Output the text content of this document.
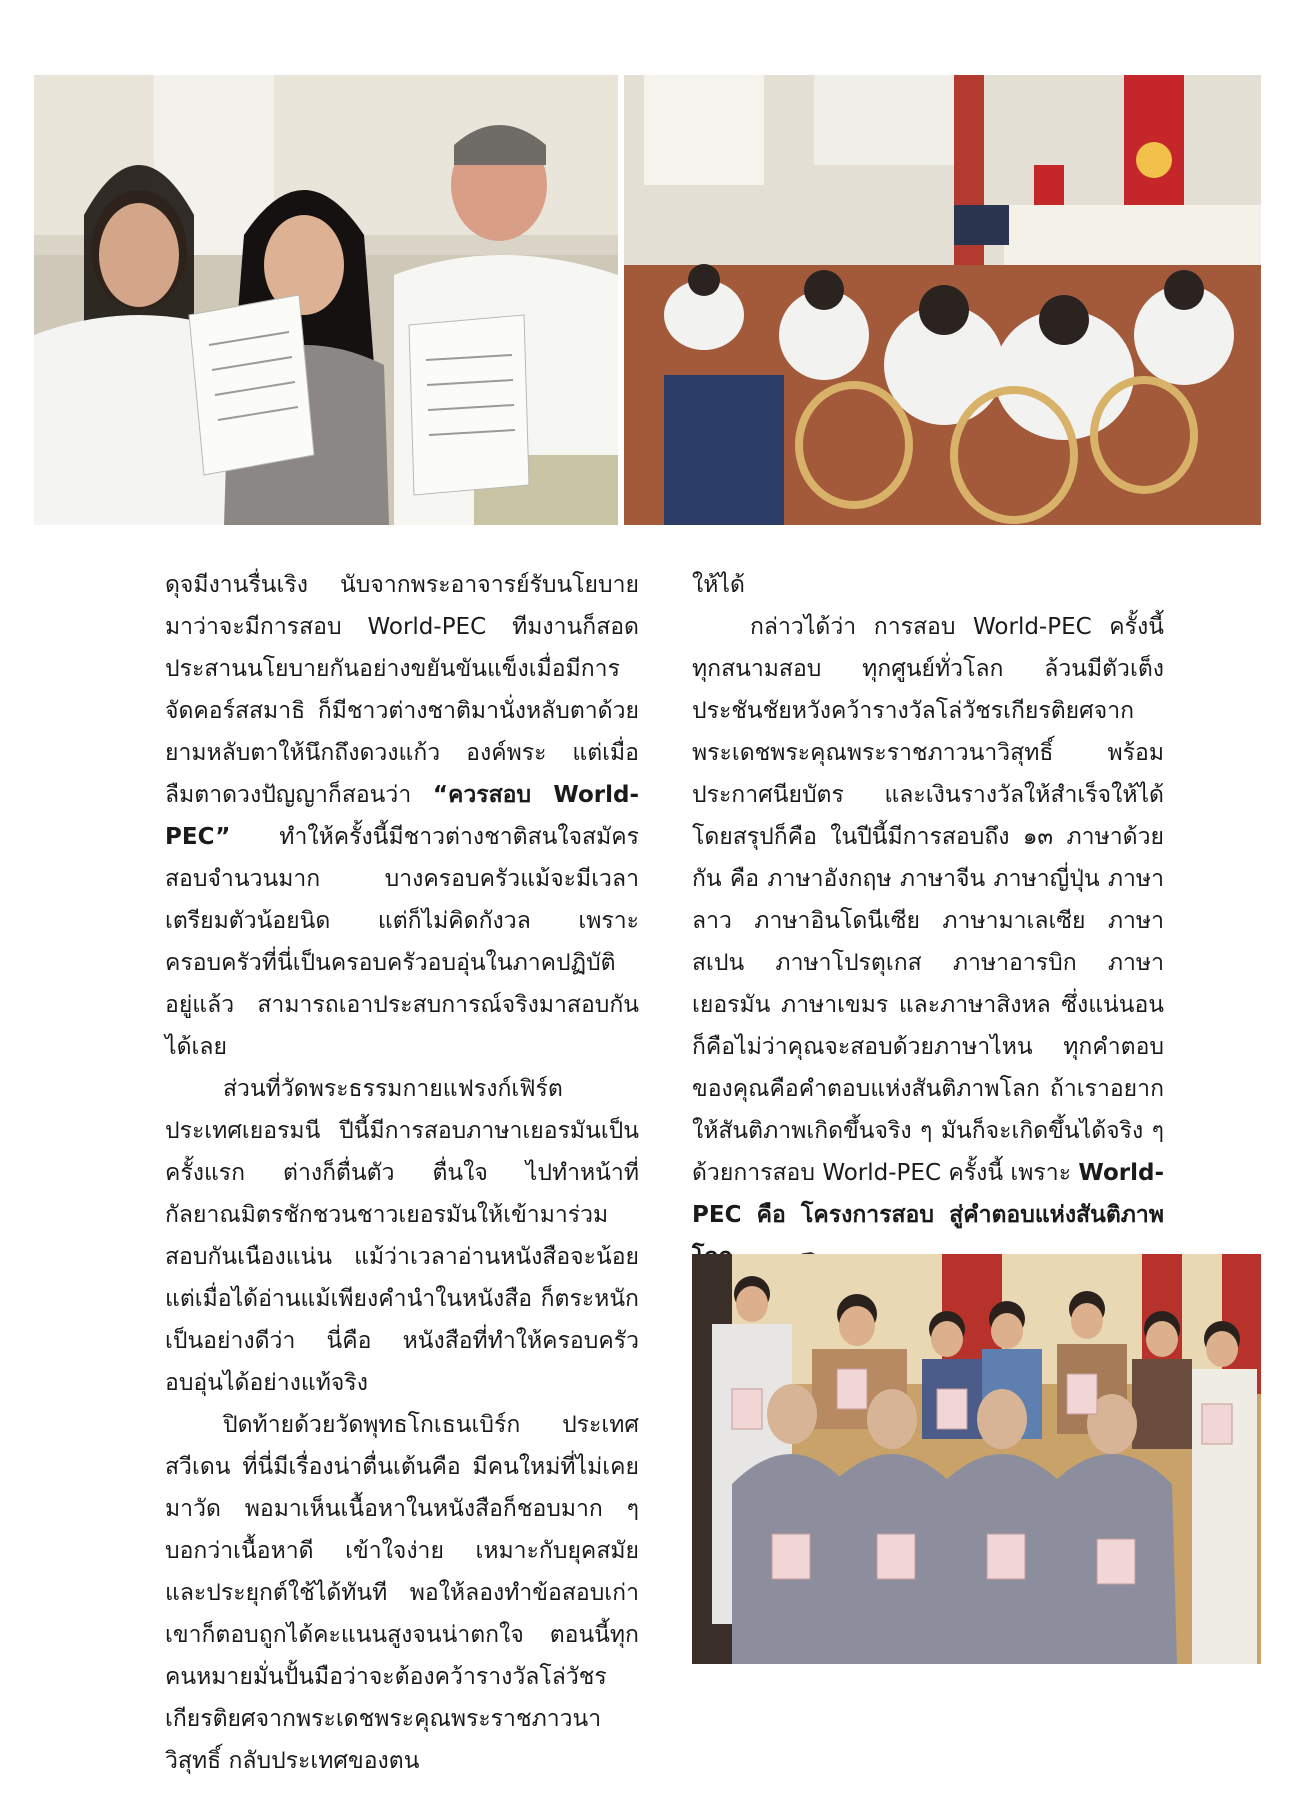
ดุจมีงานรื่นเริง นับจากพระอาจารย์รับนโยบายมาว่าจะมีการสอบ World-PEC ทีมงานก็สอดประสานนโยบายกันอย่างขยันขันแข็งเมื่อมีการจัดคอร์สสมาธิ ก็มีชาวต่างชาติมานั่งหลับตาด้วย ยามหลับตาให้นึกถึงดวงแก้ว องค์พระ แต่เมื่อลืมตาดวงปัญญาก็สอนว่า “ควรสอบ World-PEC” ทำให้ครั้งนี้มีชาวต่างชาติสนใจสมัครสอบจำนวนมาก บางครอบครัวแม้จะมีเวลาเตรียมตัวน้อยนิด แต่ก็ไม่คิดกังวล เพราะครอบครัวที่นี่เป็นครอบครัวอบอุ่นในภาคปฏิบัติอยู่แล้ว สามารถเอาประสบการณ์จริงมาสอบกันได้เลย

ส่วนที่วัดพระธรรมกายแฟรงก์เฟิร์ต ประเทศเยอรมนี ปีนี้มีการสอบภาษาเยอรมันเป็นครั้งแรก ต่างก็ตื่นตัว ตื่นใจ ไปทำหน้าที่กัลยาณมิตรชักชวนชาวเยอรมันให้เข้ามาร่วมสอบกันเนืองแน่น แม้ว่าเวลาอ่านหนังสือจะน้อย แต่เมื่อได้อ่านแม้เพียงคำนำในหนังสือ ก็ตระหนักเป็นอย่างดีว่า นี่คือ หนังสือที่ทำให้ครอบครัวอบอุ่นได้อย่างแท้จริง

ปิดท้ายด้วยวัดพุทธโกเธนเบิร์ก ประเทศสวีเดน ที่นี่มีเรื่องน่าตื่นเต้นคือ มีคนใหม่ที่ไม่เคยมาวัด พอมาเห็นเนื้อหาในหนังสือก็ชอบมาก ๆ บอกว่าเนื้อหาดี เข้าใจง่าย เหมาะกับยุคสมัย และประยุกต์ใช้ได้ทันที พอให้ลองทำข้อสอบเก่า เขาก็ตอบถูกได้คะแนนสูงจนน่าตกใจ ตอนนี้ทุกคนหมายมั่นปั้นมือว่าจะต้องคว้ารางวัลโล่วัชรเกียรติยศจากพระเดชพระคุณพระราชภาวนาวิสุทธิ์ กลับประเทศของตน

ให้ได้

กล่าวได้ว่า การสอบ World-PEC ครั้งนี้ ทุกสนามสอบ ทุกศูนย์ทั่วโลก ล้วนมีตัวเต็งประชันชัยหวังคว้ารางวัลโล่วัชรเกียรติยศจากพระเดชพระคุณพระราชภาวนาวิสุทธิ์ พร้อมประกาศนียบัตร และเงินรางวัลให้สำเร็จให้ได้ โดยสรุปก็คือ ในปีนี้มีการสอบถึง ๑๓ ภาษาด้วยกัน คือ ภาษาอังกฤษ ภาษาจีน ภาษาญี่ปุ่น ภาษาลาว ภาษาอินโดนีเซีย ภาษามาเลเซีย ภาษาสเปน ภาษาโปรตุเกส ภาษาอารบิก ภาษาเยอรมัน ภาษาเขมร และภาษาสิงหล ซึ่งแน่นอนก็คือไม่ว่าคุณจะสอบด้วยภาษาไหน ทุกคำตอบของคุณคือคำตอบแห่งสันติภาพโลก ถ้าเราอยากให้สันติภาพเกิดขึ้นจริง ๆ มันก็จะเกิดขึ้นได้จริง ๆ ด้วยการสอบ World-PEC ครั้งนี้ เพราะ World-PEC คือ โครงการสอบ สู่คำตอบแห่งสันติภาพ
